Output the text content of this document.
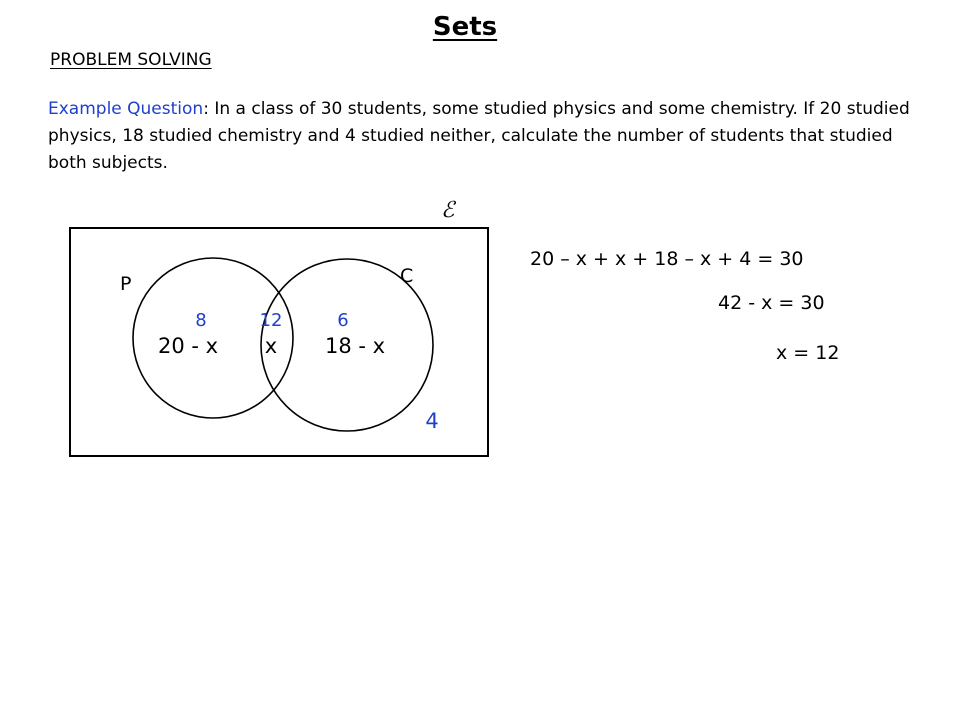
Sets
PROBLEM SOLVING
Example Question: In a class of 30 students, some studied physics and some chemistry. If 20 studied physics, 18 studied chemistry and 4 studied neither, calculate the number of students that studied both subjects.
ℰ
P	C
8	12	6
20 - x x 18 - x
4
20 – x + x + 18 – x + 4 = 30
42 - x = 30
x = 12
